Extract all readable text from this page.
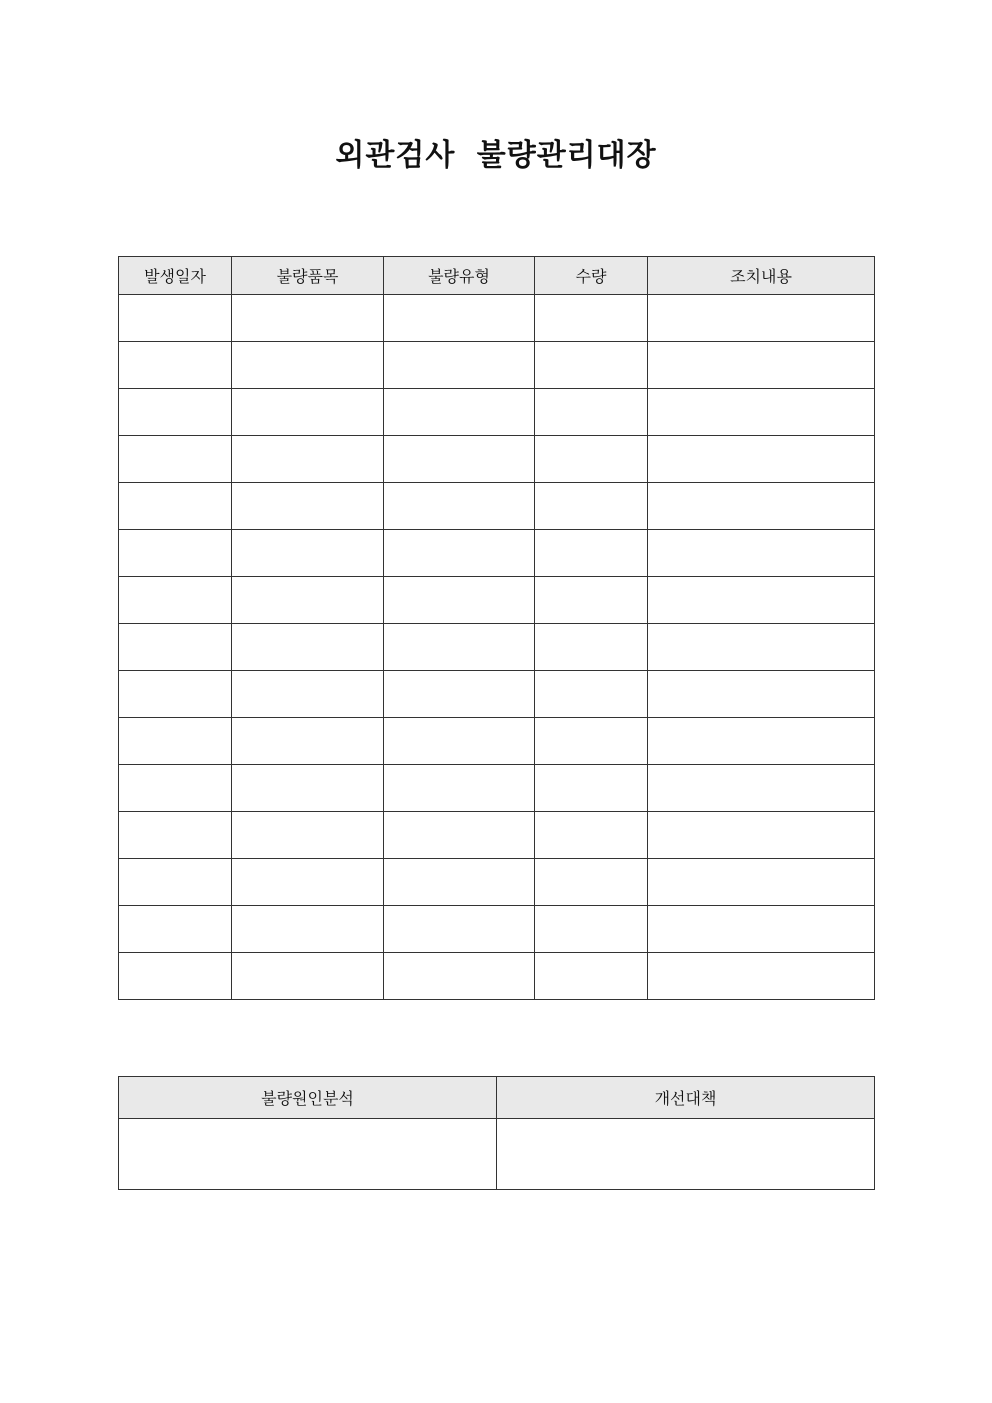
외관검사 불량관리대장
발생일자	불량품목	불량유형	수량	조치내용

불량원인분석	개선대책
